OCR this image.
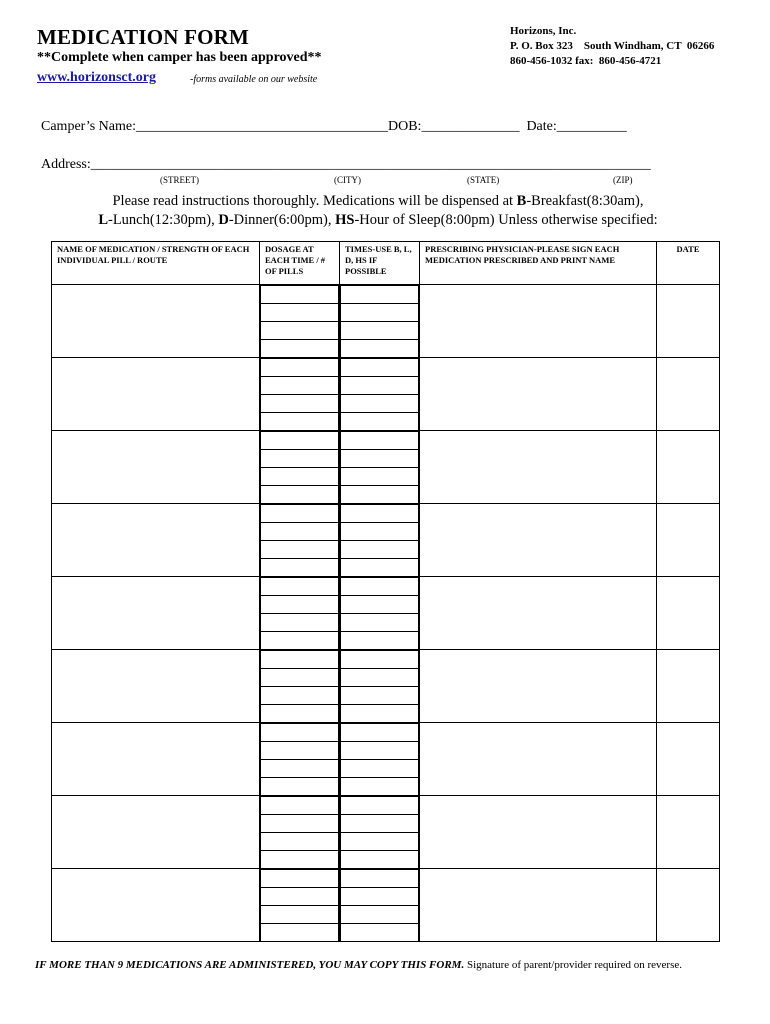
MEDICATION FORM
**Complete when camper has been approved**
www.horizonsct.org	-forms available on our website
Horizons, Inc.
P. O. Box 323    South Windham, CT  06266
860-456-1032 fax:  860-456-4721
Camper’s Name:____________________________________DOB:______________  Date:__________
Address:________________________________________________________________________________
(STREET)	(CITY)	(STATE)	(ZIP)
Please read instructions thoroughly. Medications will be dispensed at B-Breakfast(8:30am),
L-Lunch(12:30pm), D-Dinner(6:00pm), HS-Hour of Sleep(8:00pm) Unless otherwise specified:
NAME OF MEDICATION / STRENGTH OF EACH INDIVIDUAL PILL / ROUTE	DOSAGE AT EACH TIME / # OF PILLS	TIMES-USE B, L, D, HS IF POSSIBLE	PRESCRIBING PHYSICIAN-PLEASE SIGN EACH MEDICATION PRESCRIBED AND PRINT NAME	DATE

IF MORE THAN 9 MEDICATIONS ARE ADMINISTERED, YOU MAY COPY THIS FORM. Signature of parent/provider required on reverse.
